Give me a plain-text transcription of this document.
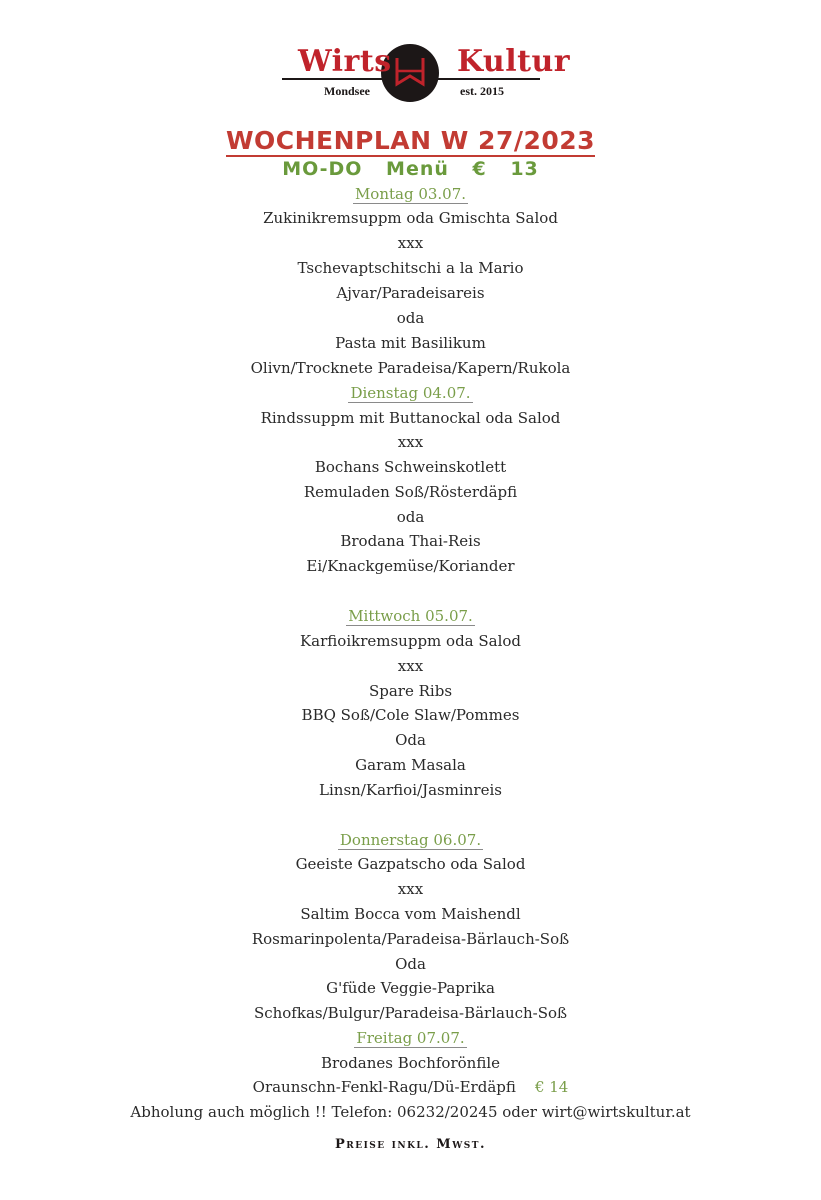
Wirts Kultur
Mondsee	est. 2015
WOCHENPLAN W 27/2023
MO-DO Menü € 13
Montag 03.07.
Zukinikremsuppm oda Gmischta Salod
xxx
Tschevaptschitschi a la Mario
Ajvar/Paradeisareis
oda
Pasta mit Basilikum
Olivn/Trocknete Paradeisa/Kapern/Rukola
Dienstag 04.07.
Rindssuppm mit Buttanockal oda Salod
xxx
Bochans Schweinskotlett
Remuladen Soß/Rösterdäpfi
oda
Brodana Thai-Reis
Ei/Knackgemüse/Koriander
Mittwoch 05.07.
Karfioikremsuppm oda Salod
xxx
Spare Ribs
BBQ Soß/Cole Slaw/Pommes
Oda
Garam Masala
Linsn/Karfioi/Jasminreis
Donnerstag 06.07.
Geeiste Gazpatscho oda Salod
xxx
Saltim Bocca vom Maishendl
Rosmarinpolenta/Paradeisa-Bärlauch-Soß
Oda
G'füde Veggie-Paprika
Schofkas/Bulgur/Paradeisa-Bärlauch-Soß
Freitag 07.07.
Brodanes Bochforönfile
Oraunschn-Fenkl-Ragu/Dü-Erdäpfi € 14
Abholung auch möglich !! Telefon: 06232/20245 oder wirt@wirtskultur.at
Preise inkl. Mwst.
